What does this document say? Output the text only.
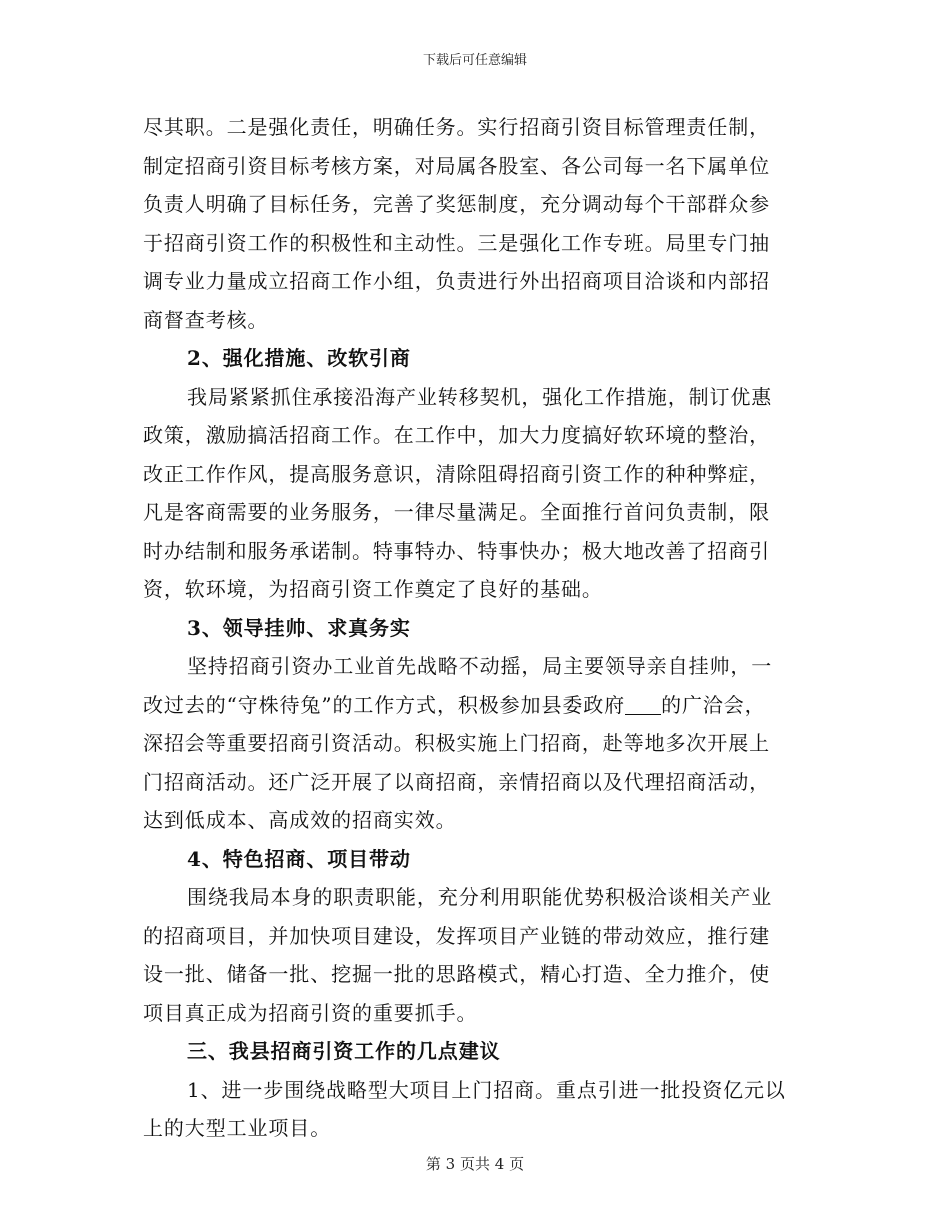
下载后可任意编辑
尽其职。二是强化责任，明确任务。实行招商引资目标管理责任制，
制定招商引资目标考核方案，对局属各股室、各公司每一名下属单位
负责人明确了目标任务，完善了奖惩制度，充分调动每个干部群众参
于招商引资工作的积极性和主动性。三是强化工作专班。局里专门抽
调专业力量成立招商工作小组，负责进行外出招商项目洽谈和内部招
商督查考核。
2、强化措施、改软引商
我局紧紧抓住承接沿海产业转移契机，强化工作措施，制订优惠
政策，激励搞活招商工作。在工作中，加大力度搞好软环境的整治，
改正工作作风，提高服务意识，清除阻碍招商引资工作的种种弊症，
凡是客商需要的业务服务，一律尽量满足。全面推行首问负责制，限
时办结制和服务承诺制。特事特办、特事快办；极大地改善了招商引
资，软环境，为招商引资工作奠定了良好的基础。
3、领导挂帅、求真务实
坚持招商引资办工业首先战略不动摇，局主要领导亲自挂帅，一
改过去的“守株待兔”的工作方式，积极参加县委政府 的广洽会，
深招会等重要招商引资活动。积极实施上门招商，赴等地多次开展上
门招商活动。还广泛开展了以商招商，亲情招商以及代理招商活动，
达到低成本、高成效的招商实效。
4、特色招商、项目带动
围绕我局本身的职责职能，充分利用职能优势积极洽谈相关产业
的招商项目，并加快项目建设，发挥项目产业链的带动效应，推行建
设一批、储备一批、挖掘一批的思路模式，精心打造、全力推介，使
项目真正成为招商引资的重要抓手。
三、我县招商引资工作的几点建议
1、进一步围绕战略型大项目上门招商。重点引进一批投资亿元以
上的大型工业项目。
第 3 页共 4 页
